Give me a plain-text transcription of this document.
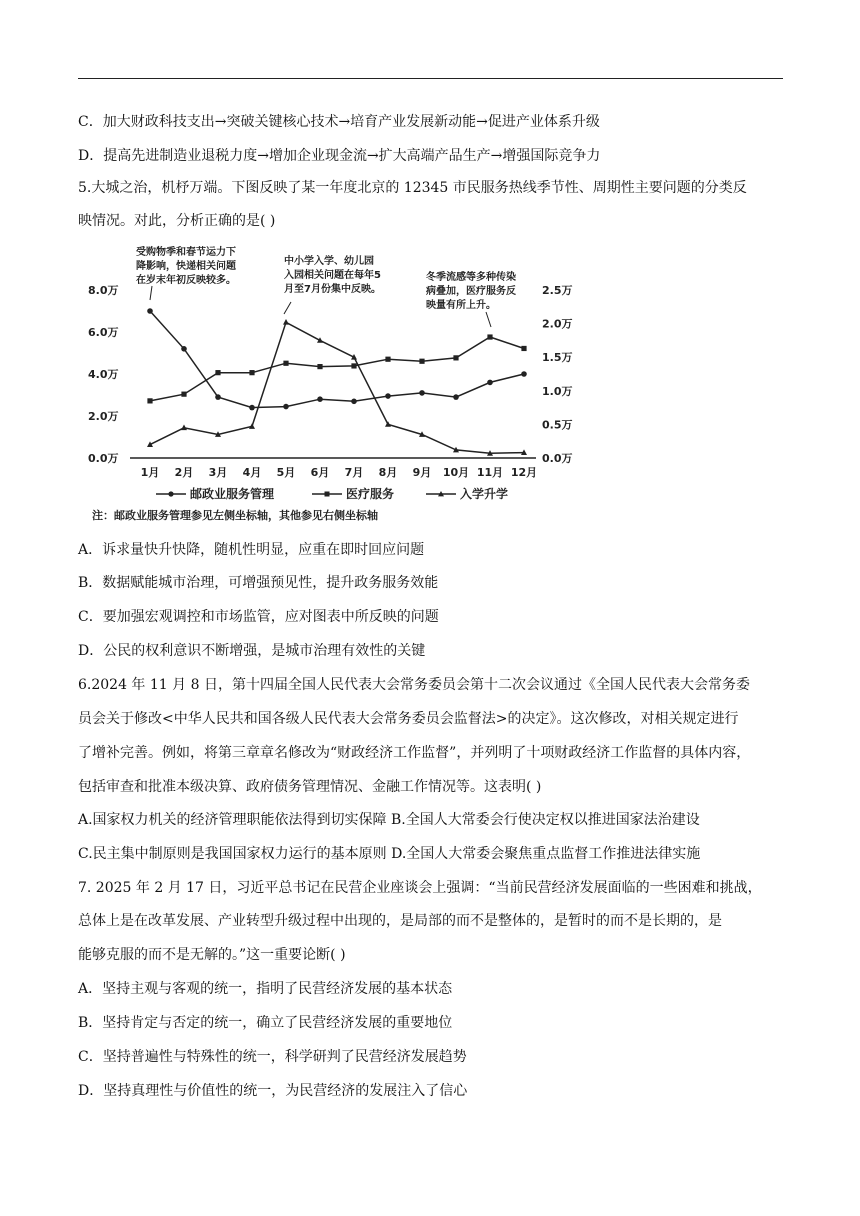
C．加大财政科技支出→突破关键核心技术→培育产业发展新动能→促进产业体系升级
D．提高先进制造业退税力度→增加企业现金流→扩大高端产品生产→增强国际竞争力
5.大城之治，机杼万端。下图反映了某一年度北京的 12345 市民服务热线季节性、周期性主要问题的分类反
映情况。对此，分析正确的是( )
0.0万
2.0万
4.0万
6.0万
8.0万
0.0万
0.5万
1.0万
1.5万
2.0万
2.5万
1月 2月 3月 4月 5月 6月 7月 8月 9月 10月 11月 12月
受购物季和春节运力下
降影响，快递相关问题
在岁末年初反映较多。
中小学入学、幼儿园
入园相关问题在每年5
月至7月份集中反映。
冬季流感等多种传染
病叠加，医疗服务反
映量有所上升。
邮政业服务管理	医疗服务	入学升学
注：邮政业服务管理参见左侧坐标轴，其他参见右侧坐标轴
A．诉求量快升快降，随机性明显，应重在即时回应问题
B．数据赋能城市治理，可增强预见性，提升政务服务效能
C．要加强宏观调控和市场监管，应对图表中所反映的问题
D．公民的权利意识不断增强，是城市治理有效性的关键
6.2024 年 11 月 8 日，第十四届全国人民代表大会常务委员会第十二次会议通过《全国人民代表大会常务委
员会关于修改<中华人民共和国各级人民代表大会常务委员会监督法>的决定》。这次修改，对相关规定进行
了增补完善。例如，将第三章章名修改为“财政经济工作监督”，并列明了十项财政经济工作监督的具体内容，
包括审查和批准本级决算、政府债务管理情况、金融工作情况等。这表明( )
A.国家权力机关的经济管理职能依法得到切实保障 B.全国人大常委会行使决定权以推进国家法治建设
C.民主集中制原则是我国国家权力运行的基本原则 D.全国人大常委会聚焦重点监督工作推进法律实施
7. 2025 年 2 月 17 日，习近平总书记在民营企业座谈会上强调：“当前民营经济发展面临的一些困难和挑战，
总体上是在改革发展、产业转型升级过程中出现的，是局部的而不是整体的，是暂时的而不是长期的，是
能够克服的而不是无解的。”这一重要论断( )
A．坚持主观与客观的统一，指明了民营经济发展的基本状态
B．坚持肯定与否定的统一，确立了民营经济发展的重要地位
C．坚持普遍性与特殊性的统一，科学研判了民营经济发展趋势
D．坚持真理性与价值性的统一，为民营经济的发展注入了信心
